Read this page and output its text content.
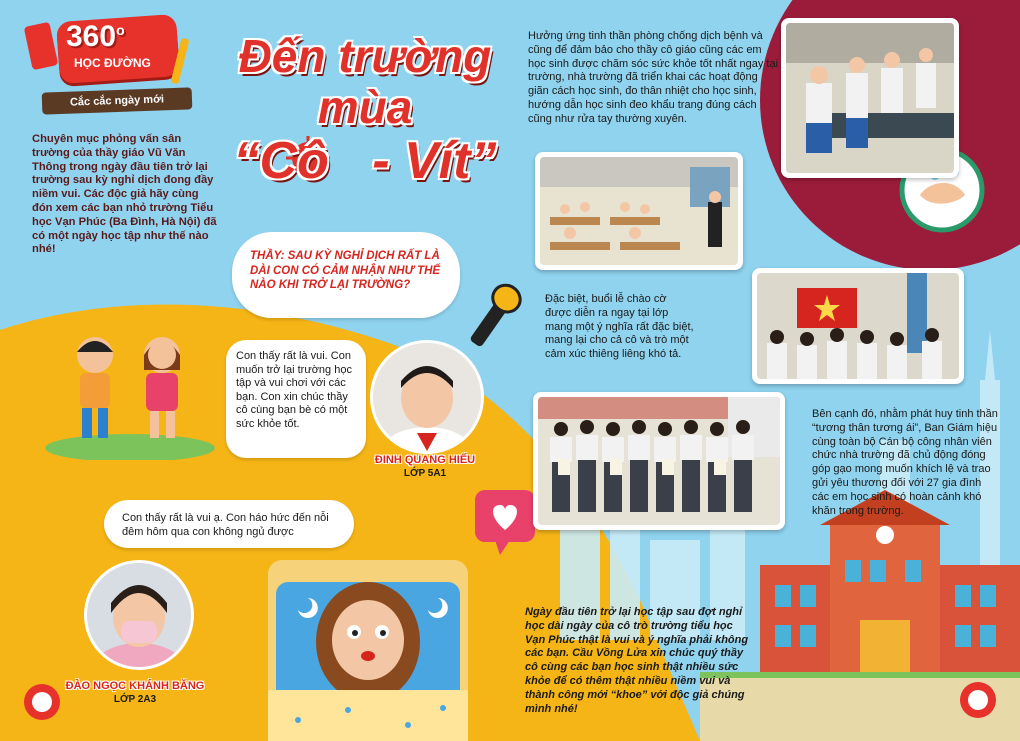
360$^o$
HỌC ĐƯỜNG
Cắc cắc ngày mới
Đến trường
mùa
“Cô - Vít”
Chuyên mục phỏng vấn sân trường của thầy giáo Vũ Văn Thông trong ngày đầu tiên trở lại trường sau kỳ nghỉ dịch đong đầy niềm vui. Các độc giả hãy cùng đón xem các bạn nhỏ trường Tiểu học Vạn Phúc (Ba Đình, Hà Nội) đã có một ngày học tập như thế nào nhé!
THẦY: SAU KỲ NGHỈ DỊCH RẤT LÀ DÀI CON CÓ CẢM NHẬN NHƯ THẾ NÀO KHI TRỞ LẠI TRƯỜNG?
Con thấy rất là vui. Con muốn trở lại trường học tập và vui chơi với các bạn. Con xin chúc thầy cô cùng bạn bè có một sức khỏe tốt.
ĐINH QUANG HIẾU
LỚP 5A1
Con thấy rất là vui ạ. Con háo hức đến nỗi đêm hôm qua con không ngủ được
ĐÀO NGỌC KHÁNH BĂNG
LỚP 2A3
Hưởng ứng tinh thần phòng chống dịch bệnh và cũng để đảm bảo cho thầy cô giáo cũng các em học sinh được chăm sóc sức khỏe tốt nhất ngay tại trường, nhà trường đã triển khai các hoạt động giãn cách học sinh, đo thân nhiệt cho học sinh, hướng dẫn học sinh đeo khẩu trang đúng cách cũng như rửa tay thường xuyên.
Đặc biệt, buổi lễ chào cờ được diễn ra ngay tại lớp mang một ý nghĩa rất đặc biệt, mang lại cho cả cô và trò một cảm xúc thiêng liêng khó tả.
Bên cạnh đó, nhằm phát huy tinh thần “tương thân tương ái”, Ban Giám hiệu cùng toàn bộ Cán bộ công nhân viên chức nhà trường đã chủ động đóng góp gạo mong muốn khích lệ và trao gửi yêu thương đối với 27 gia đình các em học sinh có hoàn cảnh khó khăn trong trường.
Ngày đầu tiên trở lại học tập sau đợt nghỉ học dài ngày của cô trò trường tiểu học Vạn Phúc thật là vui và ý nghĩa phải không các bạn. Cầu Vồng Lửa xin chúc quý thầy cô cùng các bạn học sinh thật nhiều sức khỏe để có thêm thật nhiều niềm vui và thành công mới “khoe” với độc giả chúng mình nhé!
